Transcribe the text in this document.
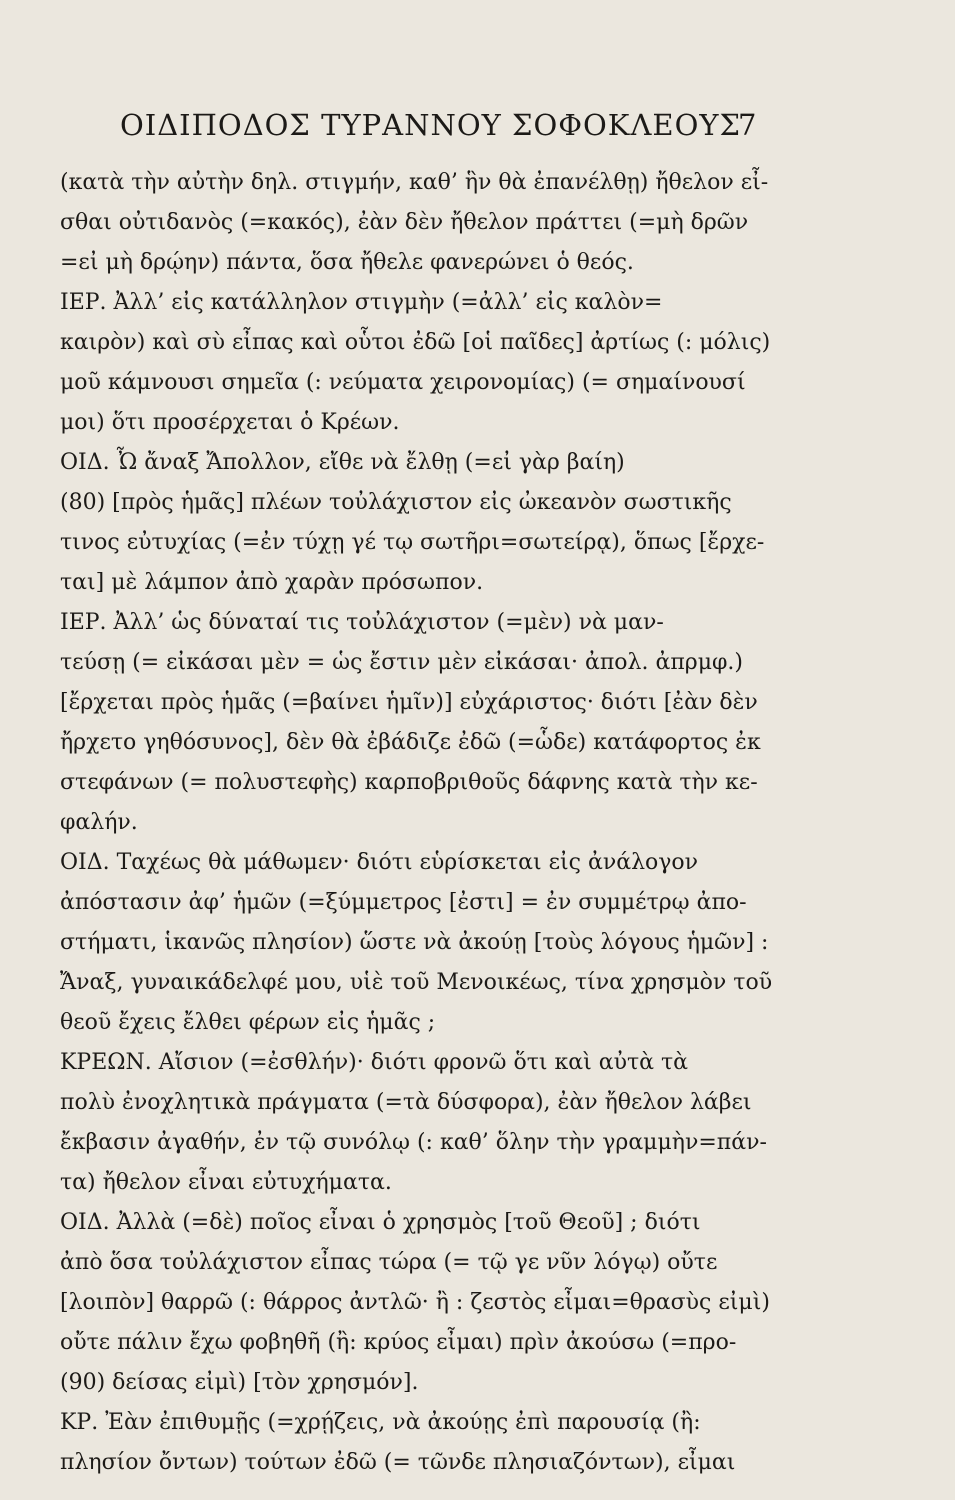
ΟΙΔΙΠΟΔΟΣ ΤΥΡΑΝΝΟΥ ΣΟΦΟΚΛΕΟΥΣ
7
(κατὰ τὴν αὐτὴν δηλ. στιγμήν, καθ’ ἣν θὰ ἐπανέλθῃ) ἤθελον εἶ-
σθαι οὐτιδανὸς (=κακός), ἐὰν δὲν ἤθελον πράττει (=μὴ δρῶν
=εἰ μὴ δρῴην) πάντα, ὅσα ἤθελε φανερώνει ὁ θεός.
ΙΕΡ. Ἀλλ’ εἰς κατάλληλον στιγμὴν (=ἀλλ’ εἰς καλὸν=
καιρὸν) καὶ σὺ εἶπας καὶ οὗτοι ἐδῶ [οἱ παῖδες] ἀρτίως (: μόλις)
μοῦ κάμνουσι σημεῖα (: νεύματα χειρονομίας) (= σημαίνουσί
μοι) ὅτι προσέρχεται ὁ Κρέων.
ΟΙΔ. Ὦ ἄναξ Ἄπολλον, εἴθε νὰ ἔλθῃ (=εἰ γὰρ βαίη)
(80) [πρὸς ἡμᾶς] πλέων τοὐλάχιστον εἰς ὠκεανὸν σωστικῆς
τινος εὐτυχίας (=ἐν τύχῃ γέ τῳ σωτῆρι=σωτείρᾳ), ὅπως [ἔρχε-
ται] μὲ λάμπον ἀπὸ χαρὰν πρόσωπον.
ΙΕΡ. Ἀλλ’ ὡς δύναταί τις τοὐλάχιστον (=μὲν) νὰ μαν-
τεύσῃ (= εἰκάσαι μὲν = ὡς ἔστιν μὲν εἰκάσαι· ἀπολ. ἀπρμφ.)
[ἔρχεται πρὸς ἡμᾶς (=βαίνει ἡμῖν)] εὐχάριστος· διότι [ἐὰν δὲν
ἤρχετο γηθόσυνος], δὲν θὰ ἐβάδιζε ἐδῶ (=ὧδε) κατάφορτος ἐκ
στεφάνων (= πολυστεφὴς) καρποβριθοῦς δάφνης κατὰ τὴν κε-
φαλήν.
ΟΙΔ. Ταχέως θὰ μάθωμεν· διότι εὑρίσκεται εἰς ἀνάλογον
ἀπόστασιν ἀφ’ ἡμῶν (=ξύμμετρος [ἐστι] = ἐν συμμέτρῳ ἀπο-
στήματι, ἱκανῶς πλησίον) ὥστε νὰ ἀκούῃ [τοὺς λόγους ἡμῶν] :
Ἄναξ, γυναικάδελφέ μου, υἱὲ τοῦ Μενοικέως, τίνα χρησμὸν τοῦ
θεοῦ ἔχεις ἔλθει φέρων εἰς ἡμᾶς ;
ΚΡΕΩΝ. Αἴσιον (=ἐσθλήν)· διότι φρονῶ ὅτι καὶ αὐτὰ τὰ
πολὺ ἐνοχλητικὰ πράγματα (=τὰ δύσφορα), ἐὰν ἤθελον λάβει
ἔκβασιν ἀγαθήν, ἐν τῷ συνόλῳ (: καθ’ ὅλην τὴν γραμμὴν=πάν-
τα) ἤθελον εἶναι εὐτυχήματα.
ΟΙΔ. Ἀλλὰ (=δὲ) ποῖος εἶναι ὁ χρησμὸς [τοῦ Θεοῦ] ; διότι
ἀπὸ ὅσα τοὐλάχιστον εἶπας τώρα (= τῷ γε νῦν λόγῳ) οὔτε
[λοιπὸν] θαρρῶ (: θάρρος ἀντλῶ· ἢ : ζεστὸς εἶμαι=θρασὺς εἰμὶ)
οὔτε πάλιν ἔχω φοβηθῆ (ἢ: κρύος εἶμαι) πρὶν ἀκούσω (=προ-
(90) δείσας εἰμὶ) [τὸν χρησμόν].
ΚΡ. Ἐὰν ἐπιθυμῇς (=χρῄζεις, νὰ ἀκούῃς ἐπὶ παρουσίᾳ (ἢ:
πλησίον ὄντων) τούτων ἐδῶ (= τῶνδε πλησιαζόντων), εἶμαι
